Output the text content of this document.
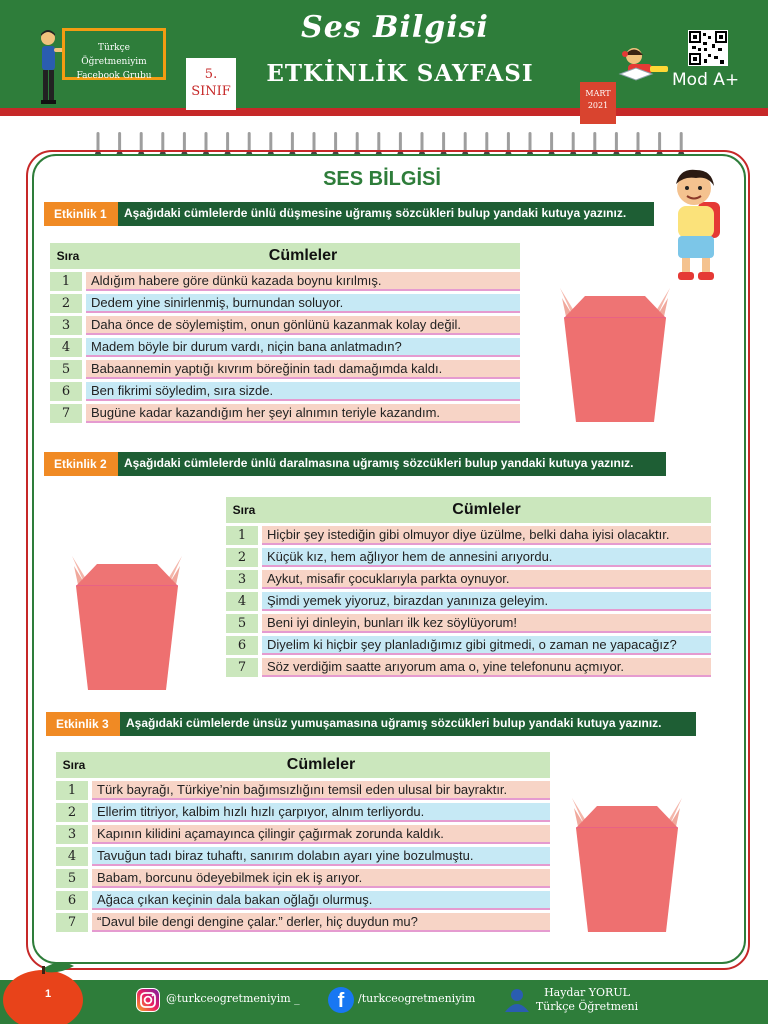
Türkçe Öğretmeniyim
Facebook Grubu
Ses Bilgisi
5.
SINIF
ETKİNLİK SAYFASI
MART
2021
Mod A+
SES BİLGİSİ
Etkinlik 1	Aşağıdaki cümlelerde ünlü düşmesine uğramış sözcükleri bulup yandaki kutuya yazınız.
Sıra	Cümleler
1	Aldığım habere göre dünkü kazada boynu kırılmış.
2	Dedem yine sinirlenmiş, burnundan soluyor.
3	Daha önce de söylemiştim, onun gönlünü kazanmak kolay değil.
4	Madem böyle bir durum vardı, niçin bana anlatmadın?
5	Babaannemin yaptığı kıvrım böreğinin tadı damağımda kaldı.
6	Ben fikrimi söyledim, sıra sizde.
7	Bugüne kadar kazandığım her şeyi alnımın teriyle kazandım.
Etkinlik 2	Aşağıdaki cümlelerde ünlü daralmasına uğramış sözcükleri bulup yandaki kutuya yazınız.
Sıra	Cümleler
1	Hiçbir şey istediğin gibi olmuyor diye üzülme, belki daha iyisi olacaktır.
2	Küçük kız, hem ağlıyor hem de annesini arıyordu.
3	Aykut, misafir çocuklarıyla parkta oynuyor.
4	Şimdi yemek yiyoruz, birazdan yanınıza geleyim.
5	Beni iyi dinleyin, bunları ilk kez söylüyorum!
6	Diyelim ki hiçbir şey planladığımız gibi gitmedi, o zaman ne yapacağız?
7	Söz verdiğim saatte arıyorum ama o, yine telefonunu açmıyor.
Etkinlik 3	Aşağıdaki cümlelerde ünsüz yumuşamasına uğramış sözcükleri bulup yandaki kutuya yazınız.
Sıra	Cümleler
1	Türk bayrağı, Türkiye’nin bağımsızlığını temsil eden ulusal bir bayraktır.
2	Ellerim titriyor, kalbim hızlı hızlı çarpıyor, alnım terliyordu.
3	Kapının kilidini açamayınca çilingir çağırmak zorunda kaldık.
4	Tavuğun tadı biraz tuhaftı, sanırım dolabın ayarı yine bozulmuştu.
5	Babam, borcunu ödeyebilmek için ek iş arıyor.
6	Ağaca çıkan keçinin dala bakan oğlağı olurmuş.
7	“Davul bile dengi dengine çalar.” derler, hiç duydun mu?
1	@turkceogretmeniyim _	f	/turkceogretmeniyim	Haydar YORUL
Türkçe Öğretmeni
